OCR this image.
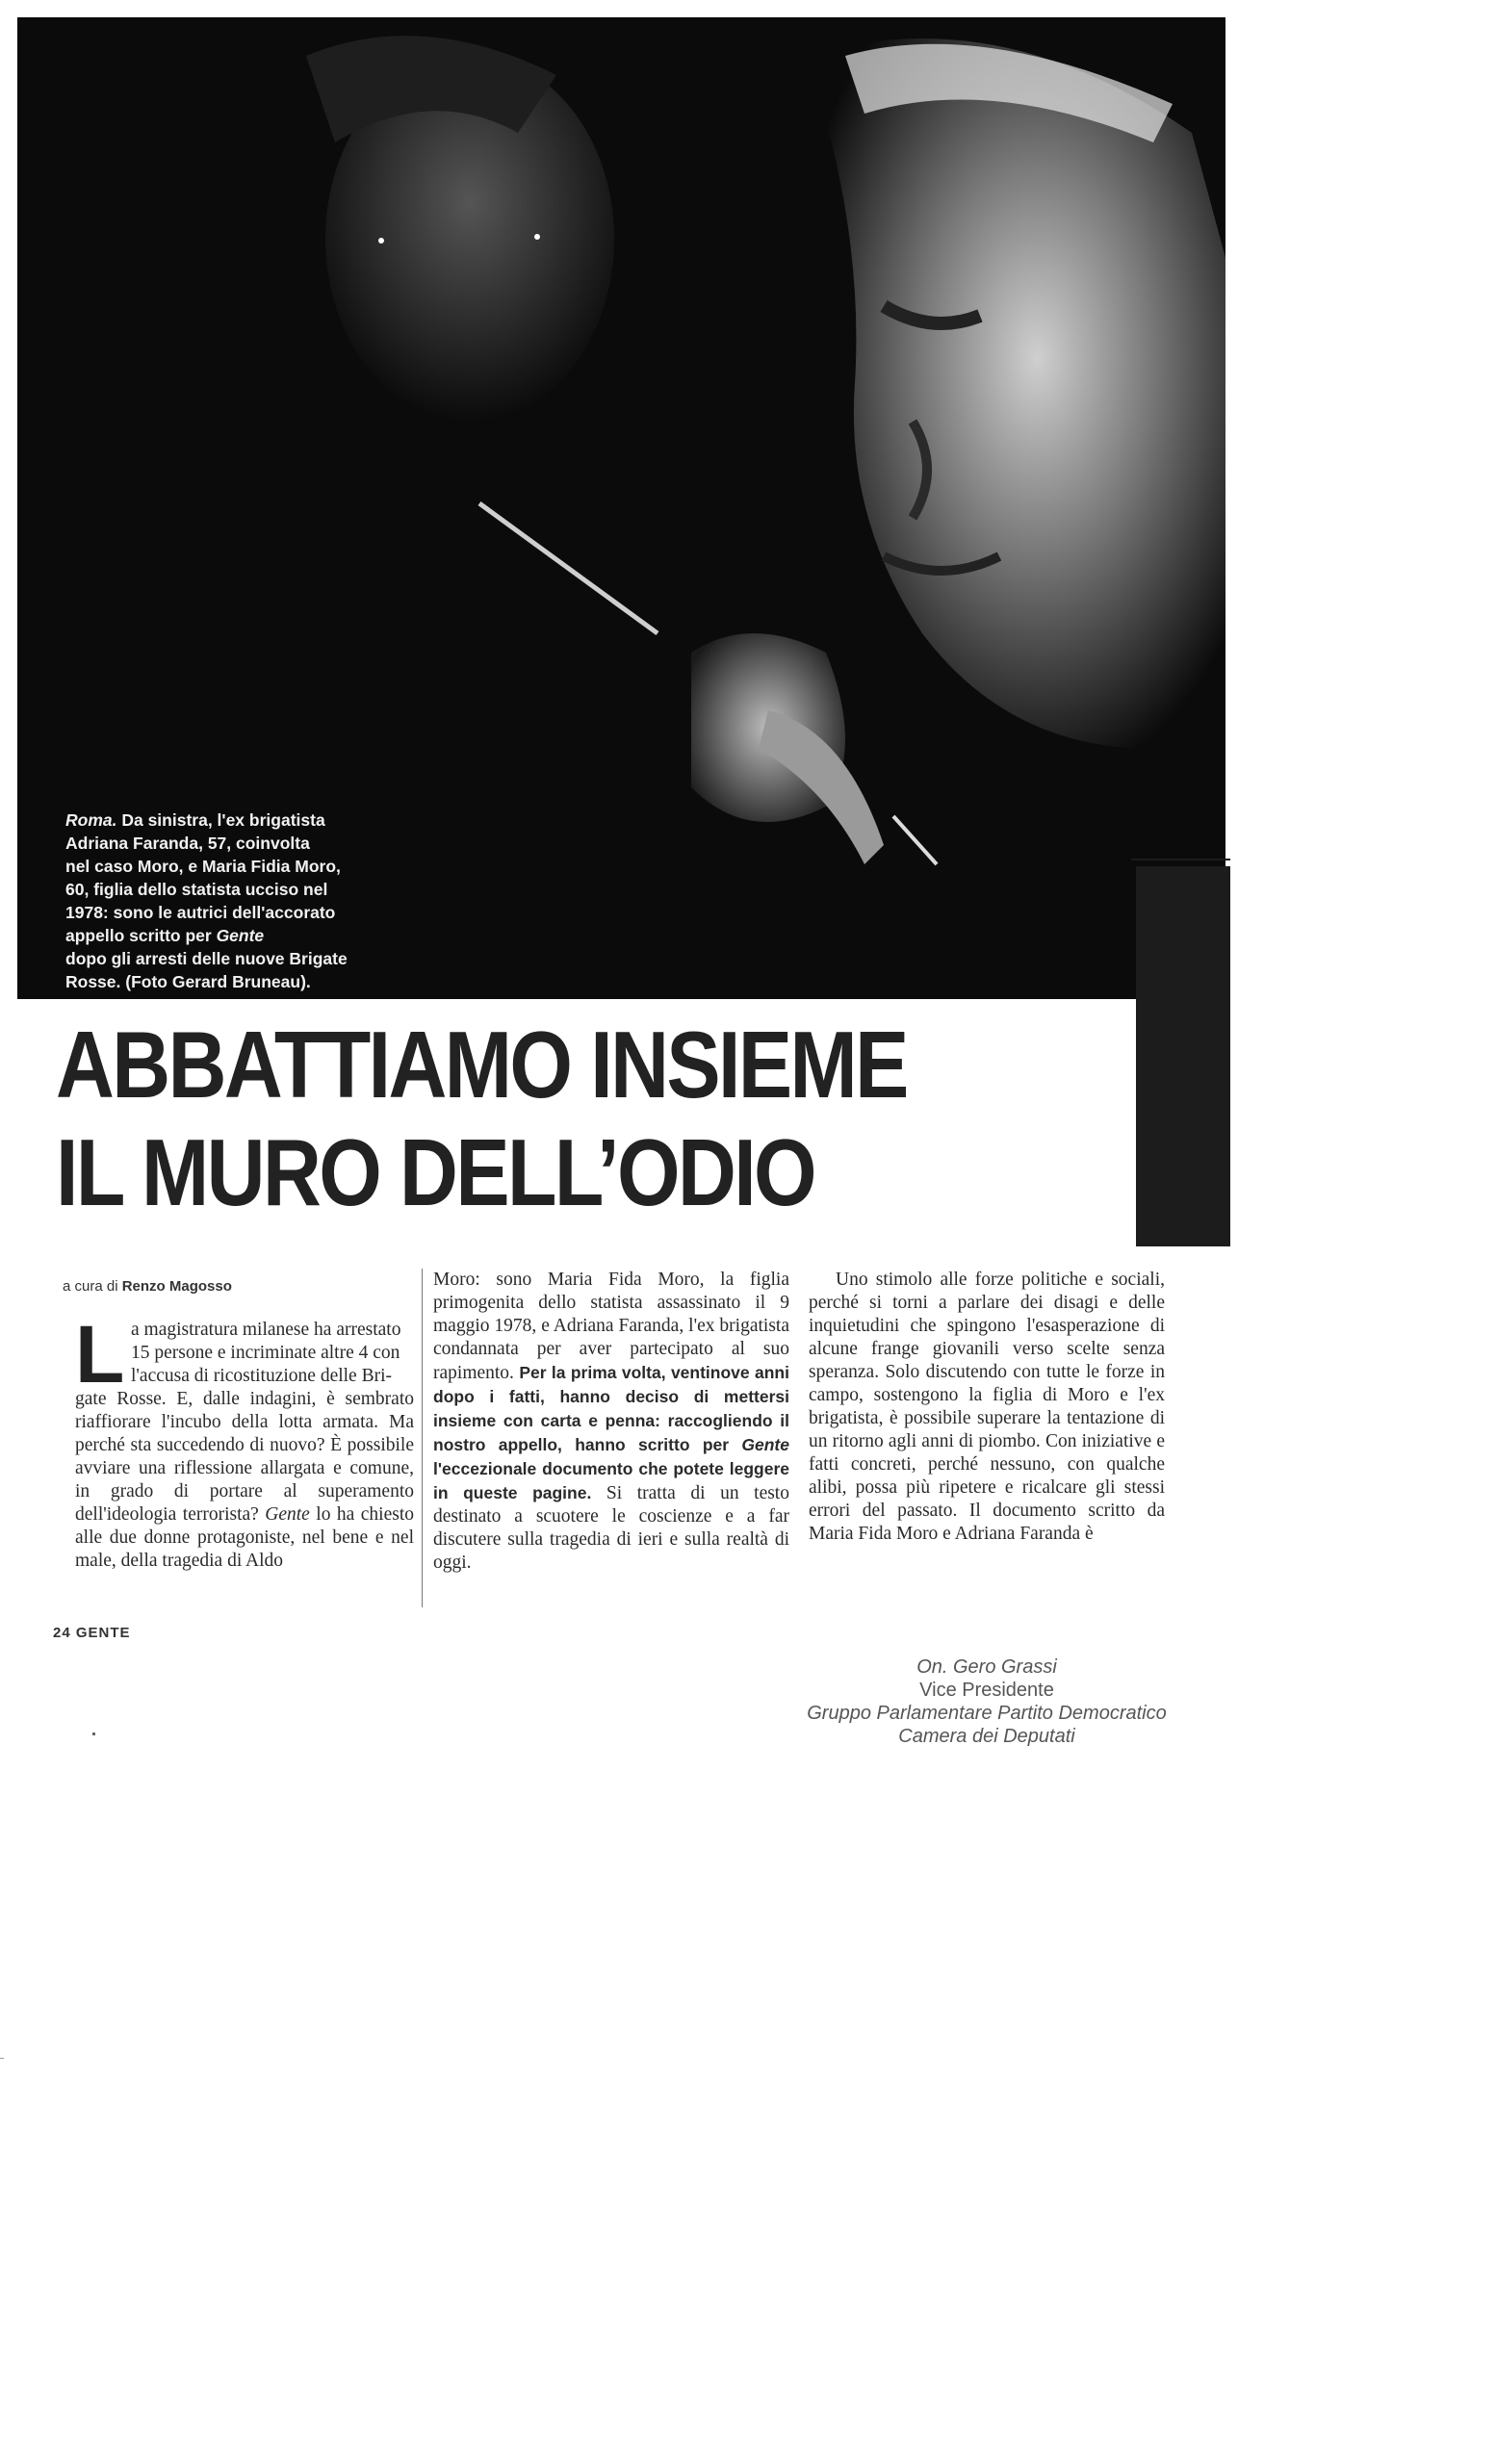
Roma. Da sinistra, l'ex brigatista
Adriana Faranda, 57, coinvolta
nel caso Moro, e Maria Fidia Moro,
60, figlia dello statista ucciso nel
1978: sono le autrici dell'accorato
appello scritto per Gente
dopo gli arresti delle nuove Brigate
Rosse. (Foto Gerard Bruneau).
ABBATTIAMO INSIEME
IL MURO DELL’ODIO
a cura di Renzo Magosso
L a magistratura milanese ha arrestato
15 persone e incriminate altre 4 con
l'accusa di ricostituzione delle Bri-

gate Rosse. E, dalle indagini, è sembrato riaffiorare l'incubo della lotta armata. Ma perché sta succedendo di nuovo? È possibile avviare una riflessione allargata e comune, in grado di portare al superamento dell'ideologia terrorista? Gente lo ha chiesto alle due donne protagoniste, nel bene e nel male, della tragedia di Aldo

Moro: sono Maria Fida Moro, la figlia primogenita dello statista assassinato il 9 maggio 1978, e Adriana Faranda, l'ex brigatista condannata per aver partecipato al suo rapimento. Per la prima volta, ventinove anni dopo i fatti, hanno deciso di mettersi insieme con carta e penna: raccogliendo il nostro appello, hanno scritto per Gente l'eccezionale documento che potete leggere in queste pagine. Si tratta di un testo destinato a scuotere le coscienze e a far discutere sulla tragedia di ieri e sulla realtà di oggi.

Uno stimolo alle forze politiche e sociali, perché si torni a parlare dei disagi e delle inquietudini che spingono l'esasperazione di alcune frange giovanili verso scelte senza speranza. Solo discutendo con tutte le forze in campo, sostengono la figlia di Moro e l'ex brigatista, è possibile superare la tentazione di un ritorno agli anni di piombo. Con iniziative e fatti concreti, perché nessuno, con qualche alibi, possa più ripetere e ricalcare gli stessi errori del passato. Il documento scritto da Maria Fida Moro e Adriana Faranda è

24 GENTE
On. Gero Grassi
Vice Presidente
Gruppo Parlamentare Partito Democratico
Camera dei Deputati
